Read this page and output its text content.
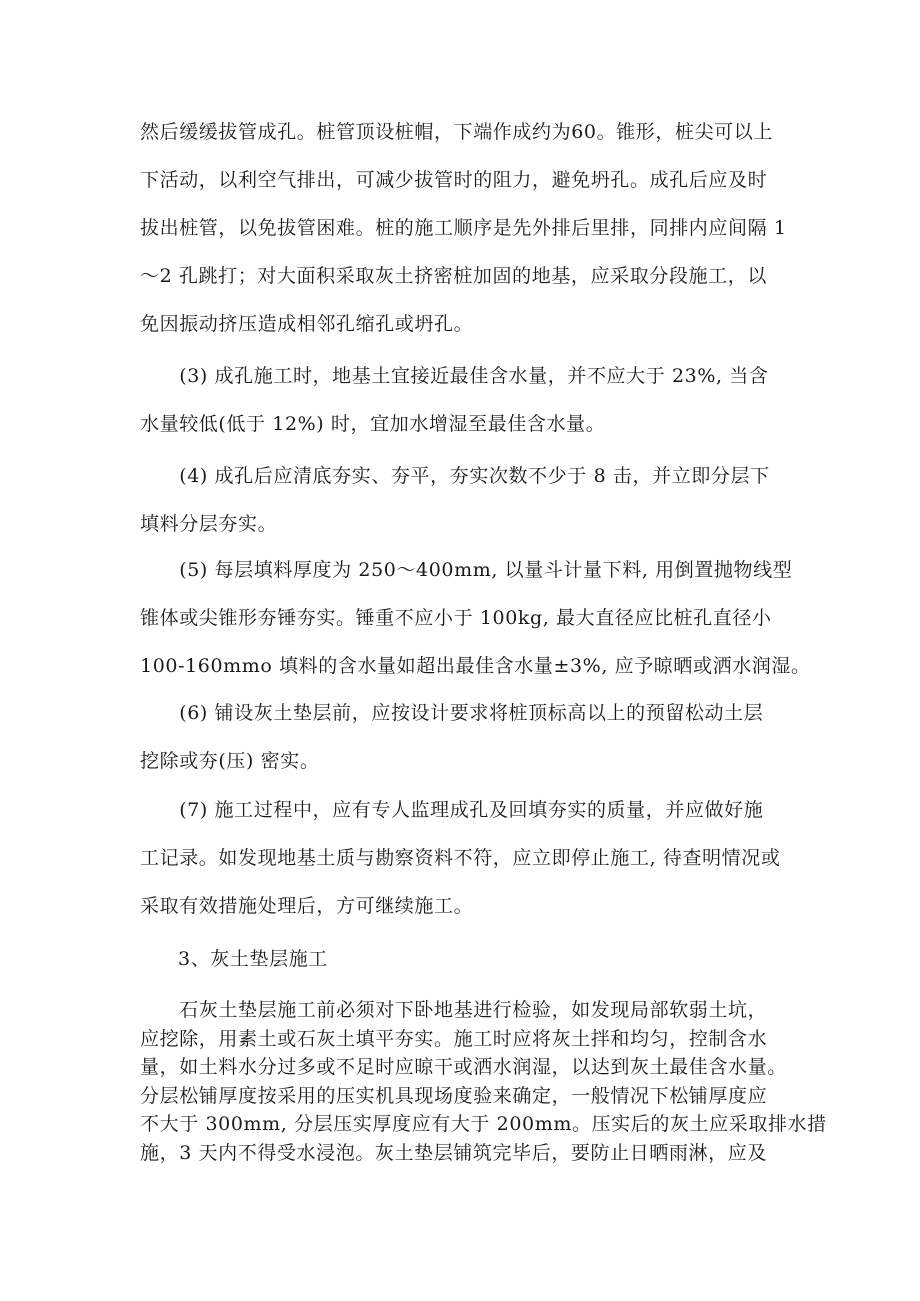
然后缓缓拔管成孔。桩管顶设桩帽，下端作成约为60。锥形，桩尖可以上
下活动，以利空气排出，可减少拔管时的阻力，避免坍孔。成孔后应及时
拔出桩管，以免拔管困难。桩的施工顺序是先外排后里排，同排内应间隔 1
～2 孔跳打；对大面积采取灰土挤密桩加固的地基，应采取分段施工，以
免因振动挤压造成相邻孔缩孔或坍孔。
　　(3) 成孔施工时，地基土宜接近最佳含水量，并不应大于 23%, 当含
水量较低(低于 12%) 时，宜加水增湿至最佳含水量。
　　(4) 成孔后应清底夯实、夯平，夯实次数不少于 8 击，并立即分层下
填料分层夯实。
　　(5) 每层填料厚度为 250～400mm, 以量斗计量下料, 用倒置抛物线型
锥体或尖锥形夯锤夯实。锤重不应小于 100kg, 最大直径应比桩孔直径小
100-160mmo 填料的含水量如超出最佳含水量±3%, 应予晾晒或洒水润湿。
　　(6) 铺设灰土垫层前，应按设计要求将桩顶标高以上的预留松动土层
挖除或夯(压) 密实。
　　(7) 施工过程中，应有专人监理成孔及回填夯实的质量，并应做好施
工记录。如发现地基土质与勘察资料不符，应立即停止施工, 待查明情况或
采取有效措施处理后，方可继续施工。
3、灰土垫层施工
　　石灰土垫层施工前必须对下卧地基进行检验，如发现局部软弱土坑，
应挖除，用素土或石灰土填平夯实。施工时应将灰土拌和均匀，控制含水
量，如土料水分过多或不足时应晾干或洒水润湿，以达到灰土最佳含水量。
分层松铺厚度按采用的压实机具现场度验来确定，一般情况下松铺厚度应
不大于 300mm, 分层压实厚度应有大于 200mm。压实后的灰土应采取排水措
施，3 天内不得受水浸泡。灰土垫层铺筑完毕后，要防止日晒雨淋，应及
